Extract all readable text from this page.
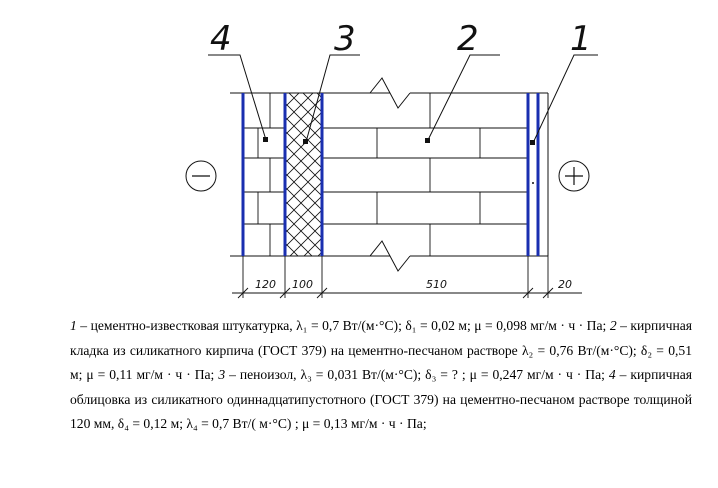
4	3	2	1
120 100	510	20

1 – цементно-известковая штукатурка, λ₁ = 0,7 Вт/(м·°С); δ₁ = 0,02 м; μ = 0,098 мг/м · ч · Па; 2 – кирпичная кладка из силикатного кирпича (ГОСТ 379) на цементно-песчаном растворе λ₂ = 0,76 Вт/(м·°С); δ₂ = 0,51 м; μ = 0,11 мг/м · ч · Па; 3 – пеноизол, λ₃ = 0,031 Вт/(м·°С); δ₃ = ? ; μ = 0,247 мг/м · ч · Па; 4 – кирпичная облицовка из силикатного одиннадцатипустотного (ГОСТ 379) на цементно-песчаном растворе толщиной 120 мм, δ₄ = 0,12 м; λ₄ = 0,7 Вт/( м·°С) ; μ = 0,13 мг/м · ч · Па;
